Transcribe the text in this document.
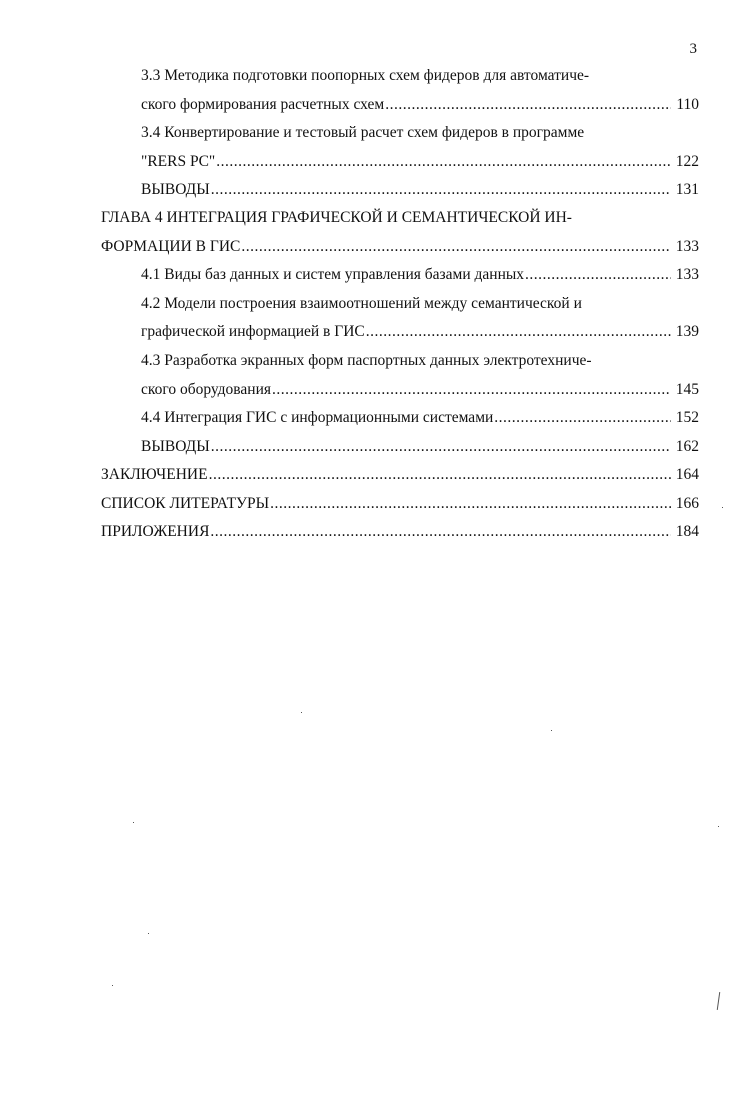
3
3.3 Методика подготовки поопорных схем фидеров для автоматиче-
ского формирования расчетных схем .....	110
3.4 Конвертирование и тестовый расчет схем фидеров в программе
"RERS PC" .....	122
ВЫВОДЫ .....	131
ГЛАВА 4 ИНТЕГРАЦИЯ ГРАФИЧЕСКОЙ И СЕМАНТИЧЕСКОЙ ИН-
ФОРМАЦИИ В ГИС .....	133
4.1 Виды баз данных и систем управления базами данных .....	133
4.2 Модели построения взаимоотношений между семантической и
графической информацией в ГИС .....	139
4.3 Разработка экранных форм паспортных данных электротехниче-
ского оборудования .....	145
4.4 Интеграция ГИС с информационными системами .....	152
ВЫВОДЫ .....	162
ЗАКЛЮЧЕНИЕ .....	164
СПИСОК ЛИТЕРАТУРЫ .....	166
ПРИЛОЖЕНИЯ .....	184
